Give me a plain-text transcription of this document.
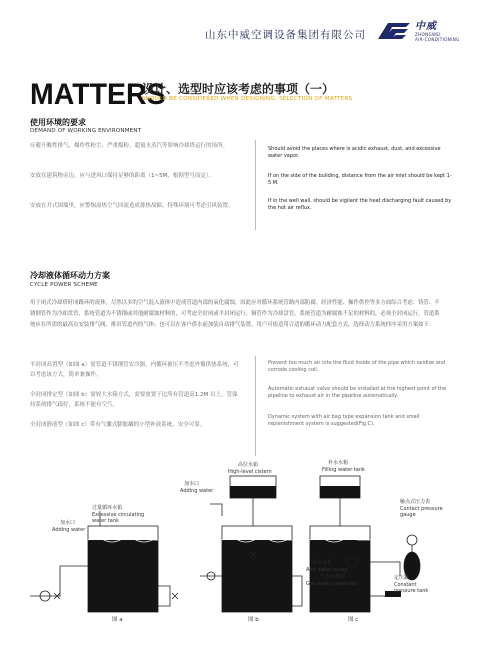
山东中威空调设备集团有限公司
中威
ZHONGWEI
AIR-CONDITIONING
MATTERS
设计、选型时应该考虑的事项（一）
SHOULD BE CONSIDERED WHEN DESIGNING, SELECTION OF MATTERS
使用环境的要求
DEMAND OF WORKING ENVIRONMENT
应避开酸性排气、爆炸性粉尘、严重煤粉、超量水蒸汽等影响冷却塔运行的场所。
安放在建筑物旁边，应与进风口保持足够的距离（1~5M，根据型号而定）。
安放在井式围墙里，应警惕湿热空气回流造成排热故障，特殊环境可考虑引风装置。
Should avoid the places where is acidic exhaust, dust, and excessive water vapor.
If on the side of the building, distance from the air inlet should be kept 1-5 M.
If in the well wall, should be vigilant the heat discharging fault caused by the hot air reflux.
冷却液体循环动力方案
CYCLE POWER SCHEME
用于闭式冷却塔时闭路环的流体，尽然以多的空气混入液体中造成管道内部的氧化腐蚀，因此应对循环系统管路内部防腐、经济性能、操作供控等多方面综合考虑：铸管、不锈钢管作为冷却盘管，系统管道为不锈钢或其他耐腐蚀材料的，可考虑全封闭或半封闭运行；铜管作为冷却盘管，系统管道为耐腐蚀不足的材料的，必须全封闭运行。管道系统应在所需的最高点安装排气阀，排出管道内的气体；也可以在客户供水前加装自动排气装置，用户可依适用合适的循环动力配套方式，选择动力系统择序采用方案如下：
半封闭高置型（如图 a）需管道不锈钢管安冷器，内循环被压不考虑外循供热系统，可以考虑该方式，简单兼操作。
全封闭排定型（如图 b）需较大水箱方式，需要放置于比所有管道高1.2M 以上，管保持系统排气疏好，系统不能有空气。
全封闭静液型（如图 c）带有气囊式膨胀罐的小型补液系统，安全可靠。
Prevent too much air into the fluid inside of the pipe which oxidize and corrode cooling coil.
Automatic exhaust valve should be installed at the highest point of the pipeline to exhaust air in the pipeline automatically.
Dynamic system with air bag type expansion tank and small replenishment system is suggested(Fig.C).
过量循环水箱
Excessive circulating
water tank
加水口
Adding water
图 a
高位水箱
High-level cistern
加水口
Adding water
图 b
补水水箱
Filling water tank
触点式压力表
Contact pressure
gauge
补水水泵
Add water pump
气水分离器
Gas-water separator
定压罐
Constant
pressure tank
图 c
